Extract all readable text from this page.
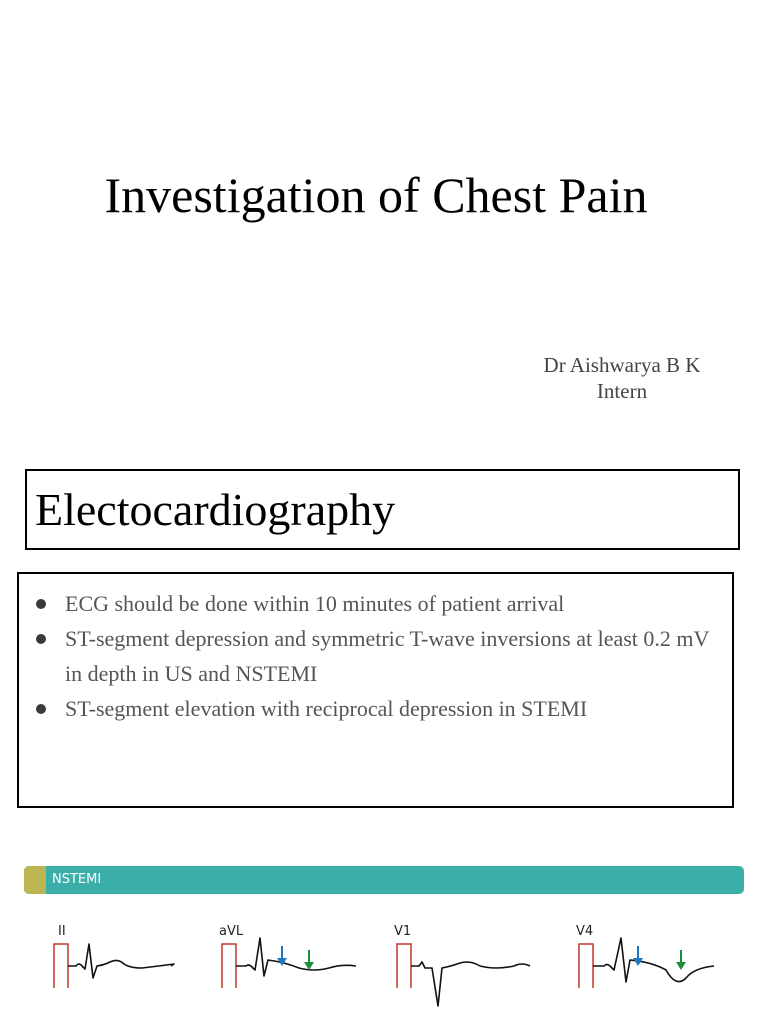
Investigation of Chest Pain
Dr Aishwarya B K
Intern
Electocardiography
ECG should be done within 10 minutes of patient arrival
ST-segment depression and symmetric T-wave inversions at least 0.2 mV in depth in US and NSTEMI
ST-segment elevation with reciprocal depression in STEMI
NSTEMI
II	aVL	V1	V4
